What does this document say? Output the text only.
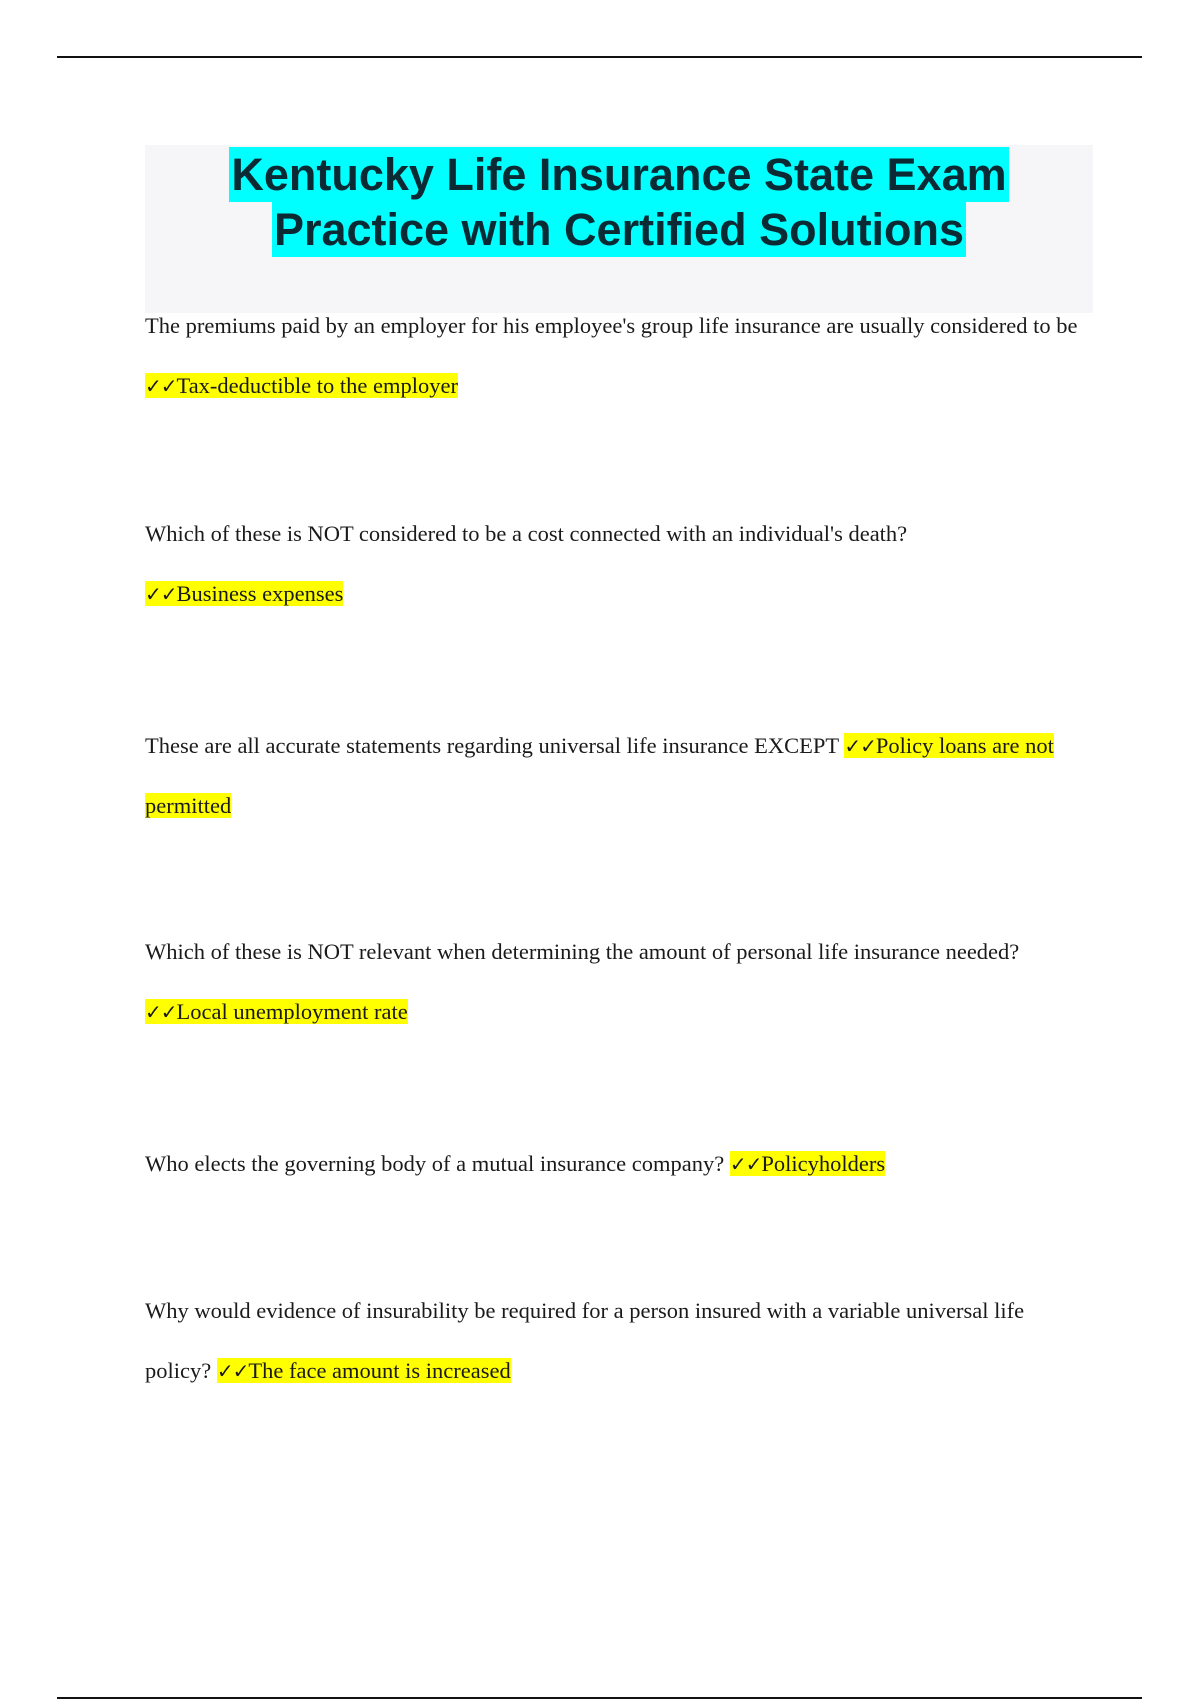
Kentucky Life Insurance State Exam
Practice with Certified Solutions
The premiums paid by an employer for his employee's group life insurance are usually considered to be ✓✓Tax-deductible to the employer
Which of these is NOT considered to be a cost connected with an individual's death?
✓✓Business expenses
These are all accurate statements regarding universal life insurance EXCEPT ✓✓Policy loans are not permitted
Which of these is NOT relevant when determining the amount of personal life insurance needed?
✓✓Local unemployment rate
Who elects the governing body of a mutual insurance company? ✓✓Policyholders
Why would evidence of insurability be required for a person insured with a variable universal life policy? ✓✓The face amount is increased
